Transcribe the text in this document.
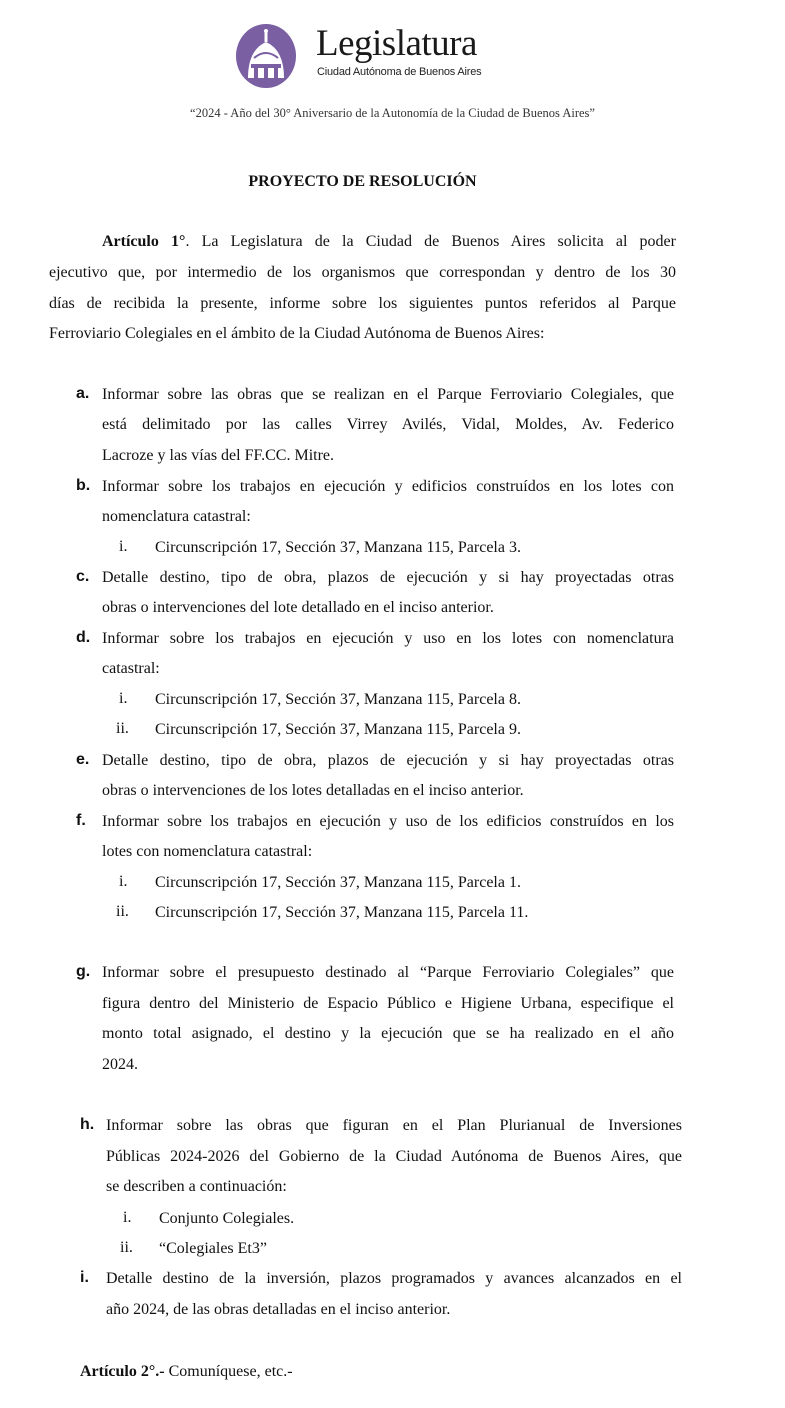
Legislatura
Ciudad Autónoma de Buenos Aires
“2024 - Año del 30° Aniversario de la Autonomía de la Ciudad de Buenos Aires”
PROYECTO DE RESOLUCIÓN
Artículo 1°. La Legislatura de la Ciudad de Buenos Aires solicita al poder
ejecutivo que, por intermedio de los organismos que correspondan y dentro de los 30
días de recibida la presente, informe sobre los siguientes puntos referidos al Parque
Ferroviario Colegiales en el ámbito de la Ciudad Autónoma de Buenos Aires:
a. Informar sobre las obras que se realizan en el Parque Ferroviario Colegiales, que
está delimitado por las calles Virrey Avilés, Vidal, Moldes, Av. Federico
Lacroze y las vías del FF.CC. Mitre.
b. Informar sobre los trabajos en ejecución y edificios construídos en los lotes con
nomenclatura catastral:
i. Circunscripción 17, Sección 37, Manzana 115, Parcela 3.
c. Detalle destino, tipo de obra, plazos de ejecución y si hay proyectadas otras
obras o intervenciones del lote detallado en el inciso anterior.
d. Informar sobre los trabajos en ejecución y uso en los lotes con nomenclatura
catastral:
i. Circunscripción 17, Sección 37, Manzana 115, Parcela 8.
ii. Circunscripción 17, Sección 37, Manzana 115, Parcela 9.
e. Detalle destino, tipo de obra, plazos de ejecución y si hay proyectadas otras
obras o intervenciones de los lotes detalladas en el inciso anterior.
f. Informar sobre los trabajos en ejecución y uso de los edificios construídos en los
lotes con nomenclatura catastral:
i. Circunscripción 17, Sección 37, Manzana 115, Parcela 1.
ii. Circunscripción 17, Sección 37, Manzana 115, Parcela 11.
g. Informar sobre el presupuesto destinado al “Parque Ferroviario Colegiales” que
figura dentro del Ministerio de Espacio Público e Higiene Urbana, especifique el
monto total asignado, el destino y la ejecución que se ha realizado en el año
2024.
h. Informar sobre las obras que figuran en el Plan Plurianual de Inversiones
Públicas 2024-2026 del Gobierno de la Ciudad Autónoma de Buenos Aires, que
se describen a continuación:
i. Conjunto Colegiales.
ii. “Colegiales Et3”
i. Detalle destino de la inversión, plazos programados y avances alcanzados en el
año 2024, de las obras detalladas en el inciso anterior.
Artículo 2°.- Comuníquese, etc.-
